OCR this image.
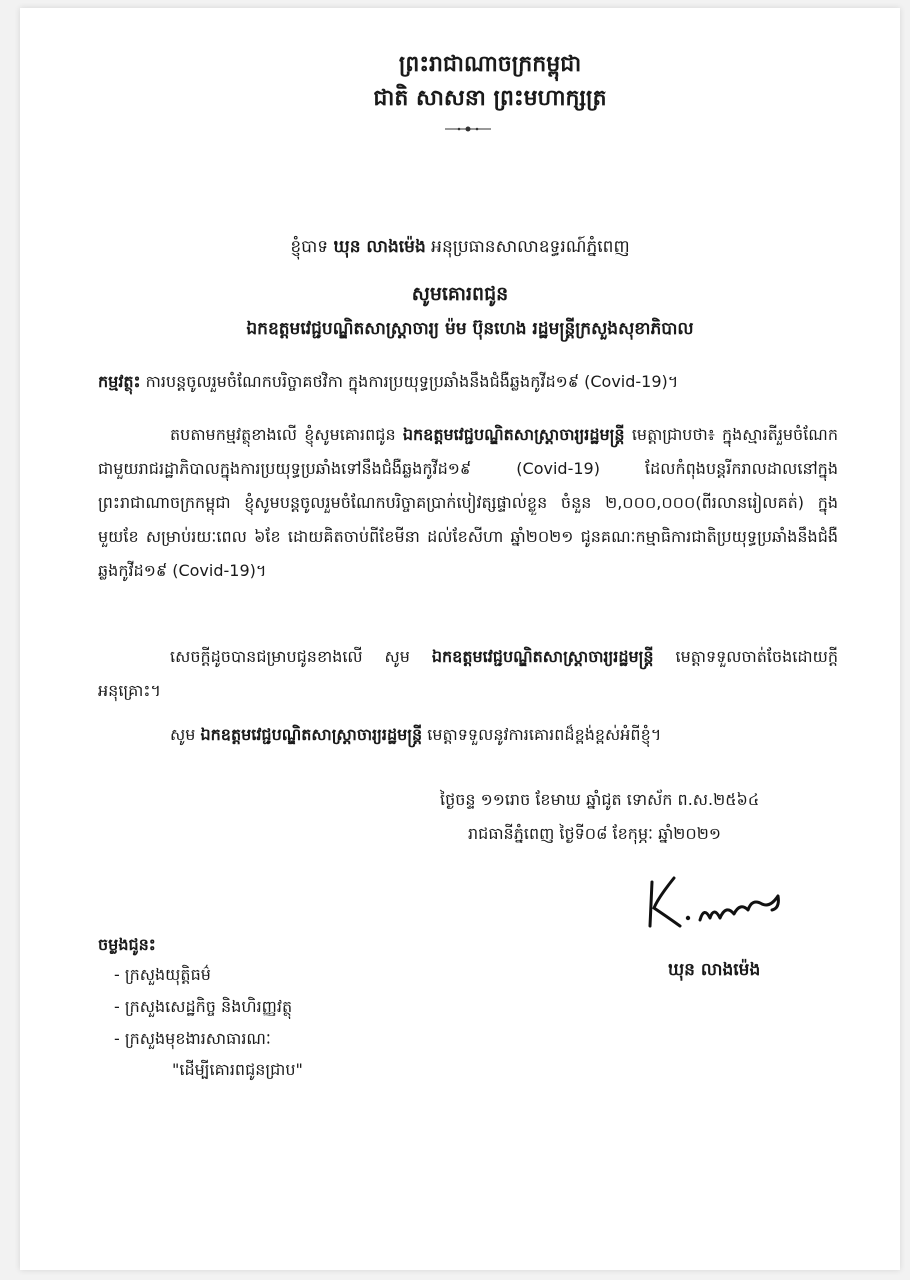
ព្រះរាជាណាចក្រកម្ពុជា
ជាតិ សាសនា ព្រះមហាក្សត្រ
ខ្ញុំបាទ ឃុន លាងម៉េង អនុប្រធានសាលាឧទ្ធរណ៍ភ្នំពេញ
សូមគោរពជូន
ឯកឧត្តមវេជ្ជបណ្ឌិតសាស្ត្រាចារ្យ ម៉ម ប៊ុនហេង រដ្ឋមន្ត្រីក្រសួងសុខាភិបាល
កម្មវត្ថុះ ការបន្តចូលរួមចំណែកបរិច្ចាគថវិកា ក្នុងការប្រយុទ្ធប្រឆាំងនឹងជំងឺឆ្លងកូវីដ១៩ (Covid-19)។
តបតាមកម្មវត្ថុខាងលើ ខ្ញុំសូមគោរពជូន ឯកឧត្តមវេជ្ជបណ្ឌិតសាស្ត្រាចារ្យរដ្ឋមន្ត្រី មេត្តាជ្រាបថា៖ ក្នុងស្មារតីរួមចំណែកជាមួយរាជរដ្ឋាភិបាលក្នុងការប្រយុទ្ធប្រឆាំងទៅនឹងជំងឺឆ្លងកូវីដ១៩ (Covid-19) ដែលកំពុងបន្តរីករាលដាលនៅក្នុងព្រះរាជាណាចក្រកម្ពុជា ខ្ញុំសូមបន្តចូលរួមចំណែកបរិច្ចាគប្រាក់បៀវត្សផ្ទាល់ខ្លួន ចំនួន ២,០០០,០០០(ពីរលានរៀលគត់) ក្នុងមួយខែ សម្រាប់រយៈពេល ៦ខែ ដោយគិតចាប់ពីខែមីនា ដល់ខែសីហា ឆ្នាំ២០២១ ជូនគណៈកម្មាធិការជាតិប្រយុទ្ធប្រឆាំងនឹងជំងឺឆ្លងកូវីដ១៩ (Covid-19)។
សេចក្តីដូចបានជម្រាបជូនខាងលើ សូម ឯកឧត្តមវេជ្ជបណ្ឌិតសាស្ត្រាចារ្យរដ្ឋមន្ត្រី មេត្តាទទួលចាត់ចែងដោយក្តីអនុគ្រោះ។
សូម ឯកឧត្តមវេជ្ជបណ្ឌិតសាស្ត្រាចារ្យរដ្ឋមន្ត្រី មេត្តាទទួលនូវការគោរពដ៏ខ្ពង់ខ្ពស់អំពីខ្ញុំ។
ថ្ងៃចន្ទ ១១រោច ខែមាឃ ឆ្នាំជូត ទោស័ក ព.ស.២៥៦៤
រាជធានីភ្នំពេញ ថ្ងៃទី០៨ ខែកុម្ភៈ ឆ្នាំ២០២១
ឃុន លាងម៉េង
ចម្លងជូនះ
- ក្រសួងយុត្តិធម៌
- ក្រសួងសេដ្ឋកិច្ច និងហិរញ្ញវត្ថុ
- ក្រសួងមុខងារសាធារណៈ
"ដើម្បីគោរពជូនជ្រាប"
